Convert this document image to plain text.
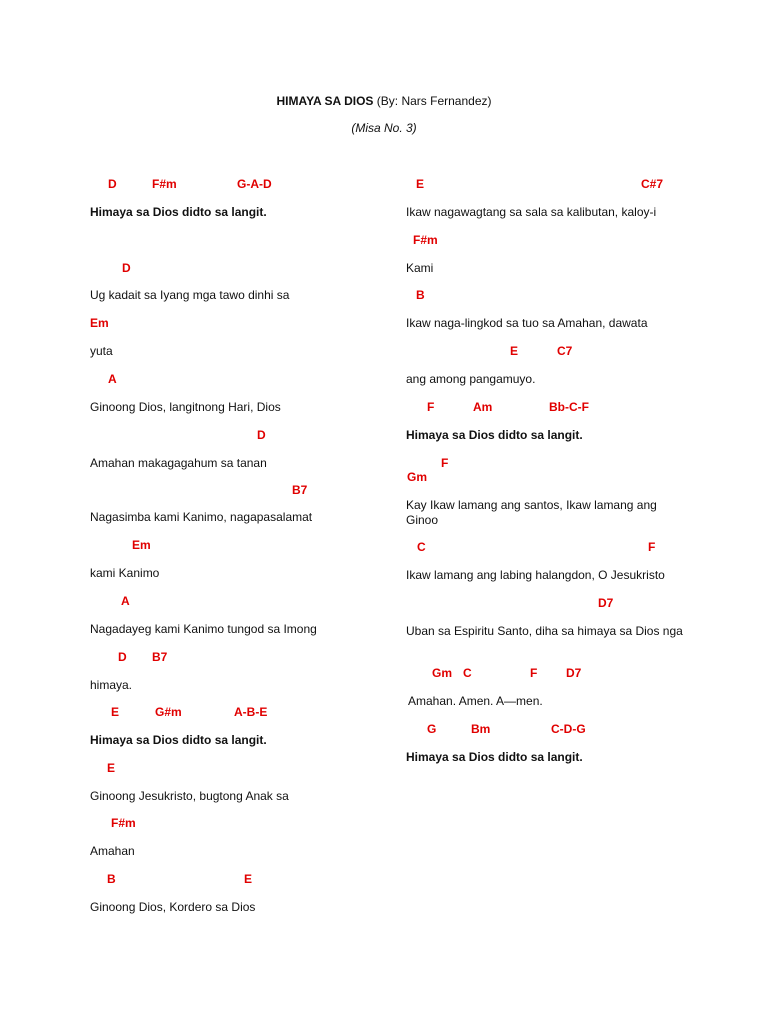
HIMAYA SA DIOS (By: Nars Fernandez)
(Misa No. 3)
D	F#m	G-A-D
Himaya sa Dios didto sa langit.
D
Ug kadait sa Iyang mga tawo dinhi sa
Em
yuta
A
Ginoong Dios, langitnong Hari, Dios
D
Amahan makagagahum sa tanan
B7
Nagasimba kami Kanimo, nagapasalamat
Em
kami Kanimo
A
Nagadayeg kami Kanimo tungod sa Imong
D B7
himaya.
E	G#m	A-B-E
Himaya sa Dios didto sa langit.
E
Ginoong Jesukristo, bugtong Anak sa
F#m
Amahan
B	E
Ginoong Dios, Kordero sa Dios
E	C#7
Ikaw nagawagtang sa sala sa kalibutan, kaloy-i
F#m
Kami
B
Ikaw naga-lingkod sa tuo sa Amahan, dawata
E	C7
ang among pangamuyo.
F	Am	Bb-C-F
Himaya sa Dios didto sa langit.
F
Gm
Kay Ikaw lamang ang santos, Ikaw lamang ang Ginoo
C	F
Ikaw lamang ang labing halangdon, O Jesukristo
D7
Uban sa Espiritu Santo, diha sa himaya sa Dios nga
Gm C	F D7
Amahan. Amen. A—men.
G	Bm	C-D-G
Himaya sa Dios didto sa langit.
